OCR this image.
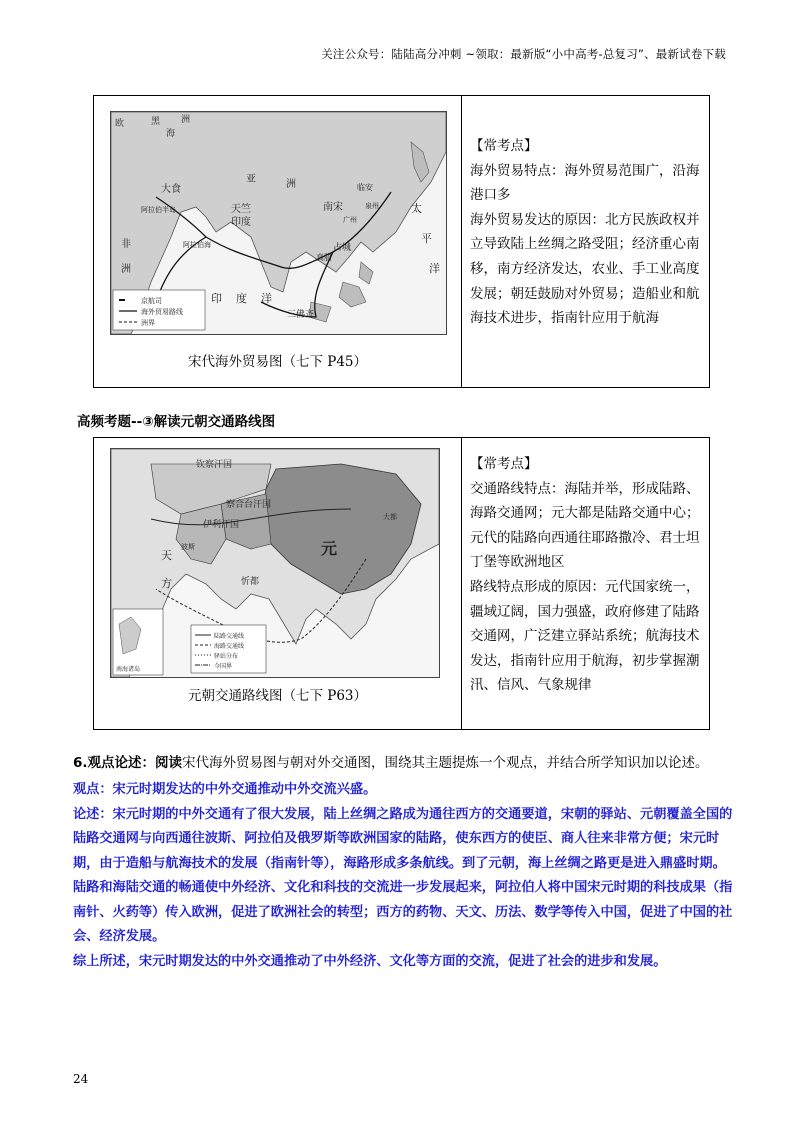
关注公众号：陆陆高分冲刺 ~领取：最新版“小中高考-总复习”、最新试卷下载
京航司
海外贸易路线
洲界
欧	黑 洲
海
大食
亚	洲
天竺
印度
临安
南宋
广州
泉州
占城
真腊
三佛齐
阿拉伯半岛
阿拉伯海
非
洲
太
平
洋
印 度 洋
宋代海外贸易图（七下 P45）

【常考点】

海外贸易特点：海外贸易范围广，沿海港口多

海外贸易发达的原因：北方民族政权并立导致陆上丝绸之路受阻；经济重心南移，南方经济发达，农业、手工业高度发展；朝廷鼓励对外贸易；造船业和航海技术进步，指南针应用于航海

高频考题--③解读元朝交通路线图
南海诸岛
陆路交通线
海路交通线
驿站分布
今国界
钦察汗国
察合台汗国
伊利汗国
元
天
方	忻都
大都
波斯
元朝交通路线图（七下 P63）

【常考点】

交通路线特点：海陆并举，形成陆路、海路交通网；元大都是陆路交通中心；元代的陆路向西通往耶路撒冷、君士坦丁堡等欧洲地区

路线特点形成的原因：元代国家统一，疆域辽阔，国力强盛，政府修建了陆路交通网，广泛建立驿站系统；航海技术发达，指南针应用于航海，初步掌握潮汛、信风、气象规律

6.观点论述：阅读宋代海外贸易图与朝对外交通图，围绕其主题提炼一个观点，并结合所学知识加以论述。

观点：宋元时期发达的中外交通推动中外交流兴盛。

论述：宋元时期的中外交通有了很大发展，陆上丝绸之路成为通往西方的交通要道，宋朝的驿站、元朝覆盖全国的陆路交通网与向西通往波斯、阿拉伯及俄罗斯等欧洲国家的陆路，使东西方的使臣、商人往来非常方便；宋元时期，由于造船与航海技术的发展（指南针等），海路形成多条航线。到了元朝，海上丝绸之路更是进入鼎盛时期。陆路和海陆交通的畅通使中外经济、文化和科技的交流进一步发展起来，阿拉伯人将中国宋元时期的科技成果（指南针、火药等）传入欧洲，促进了欧洲社会的转型；西方的药物、天文、历法、数学等传入中国，促进了中国的社会、经济发展。

综上所述，宋元时期发达的中外交通推动了中外经济、文化等方面的交流，促进了社会的进步和发展。

24
